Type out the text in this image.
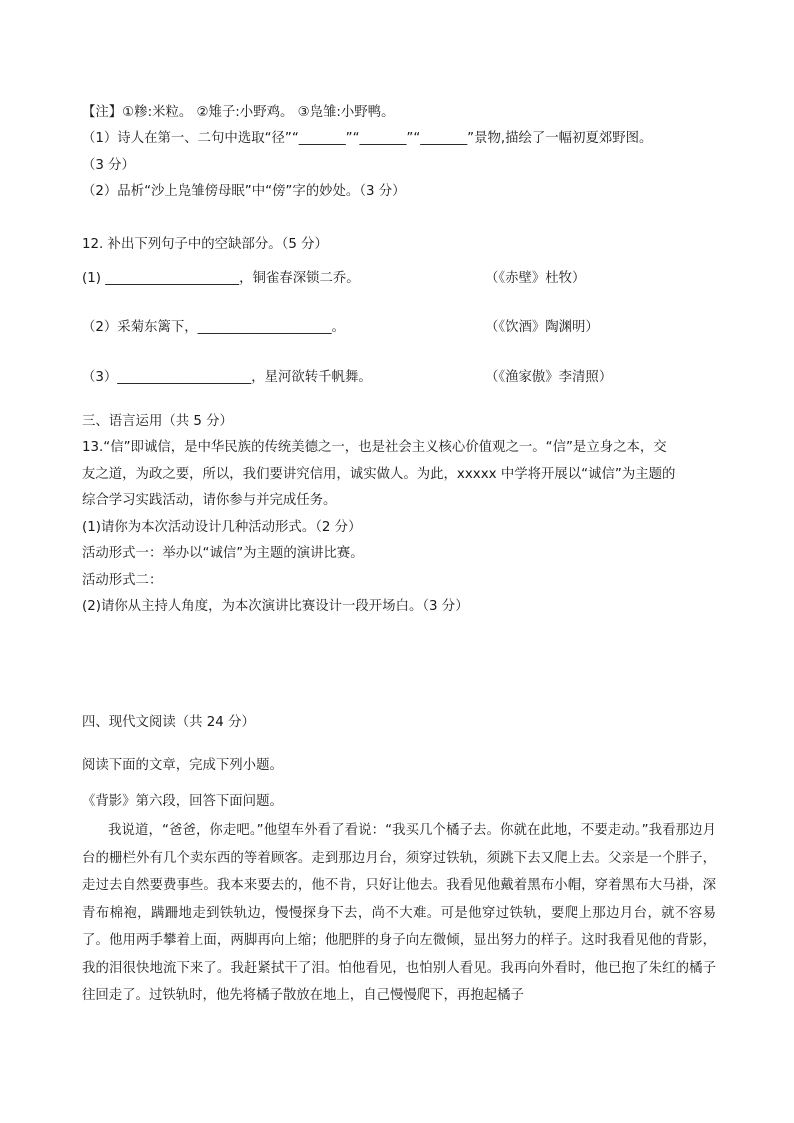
【注】①糁:米粒。 ②雉子:小野鸡。 ③凫雏:小野鸭。
（1）诗人在第一、二句中选取“径”“_______”“_______”“_______”景物,描绘了一幅初夏郊野图。
（3 分）
（2）品析“沙上凫雏傍母眠”中“傍”字的妙处。（3 分）
12. 补出下列句子中的空缺部分。（5 分）
(1) ____________________，铜雀春深锁二乔。	（《赤壁》杜牧）
（2）采菊东篱下，____________________。	（《饮酒》陶渊明）
（3）____________________，星河欲转千帆舞。	（《渔家傲》李清照）
三、语言运用（共 5 分）
13.“信”即诚信，是中华民族的传统美德之一，也是社会主义核心价值观之一。“信”是立身之本，交
友之道，为政之要，所以，我们要讲究信用，诚实做人。为此，xxxxx 中学将开展以“诚信”为主题的
综合学习实践活动，请你参与并完成任务。
(1)请你为本次活动设计几种活动形式。（2 分）
活动形式一：举办以“诚信”为主题的演讲比赛。
活动形式二：
(2)请你从主持人角度，为本次演讲比赛设计一段开场白。（3 分）
四、现代文阅读（共 24 分）
阅读下面的文章，完成下列小题。
《背影》第六段，回答下面问题。
我说道，“爸爸，你走吧。”他望车外看了看说：“我买几个橘子去。你就在此地，不要走动。”我看那边月台的栅栏外有几个卖东西的等着顾客。走到那边月台，须穿过铁轨，须跳下去又爬上去。父亲是一个胖子，走过去自然要费事些。我本来要去的，他不肯，只好让他去。我看见他戴着黑布小帽，穿着黑布大马褂，深青布棉袍，蹒跚地走到铁轨边，慢慢探身下去，尚不大难。可是他穿过铁轨，要爬上那边月台，就不容易了。他用两手攀着上面，两脚再向上缩；他肥胖的身子向左微倾，显出努力的样子。这时我看见他的背影，我的泪很快地流下来了。我赶紧拭干了泪。怕他看见，也怕别人看见。我再向外看时，他已抱了朱红的橘子往回走了。过铁轨时，他先将橘子散放在地上，自己慢慢爬下，再抱起橘子
